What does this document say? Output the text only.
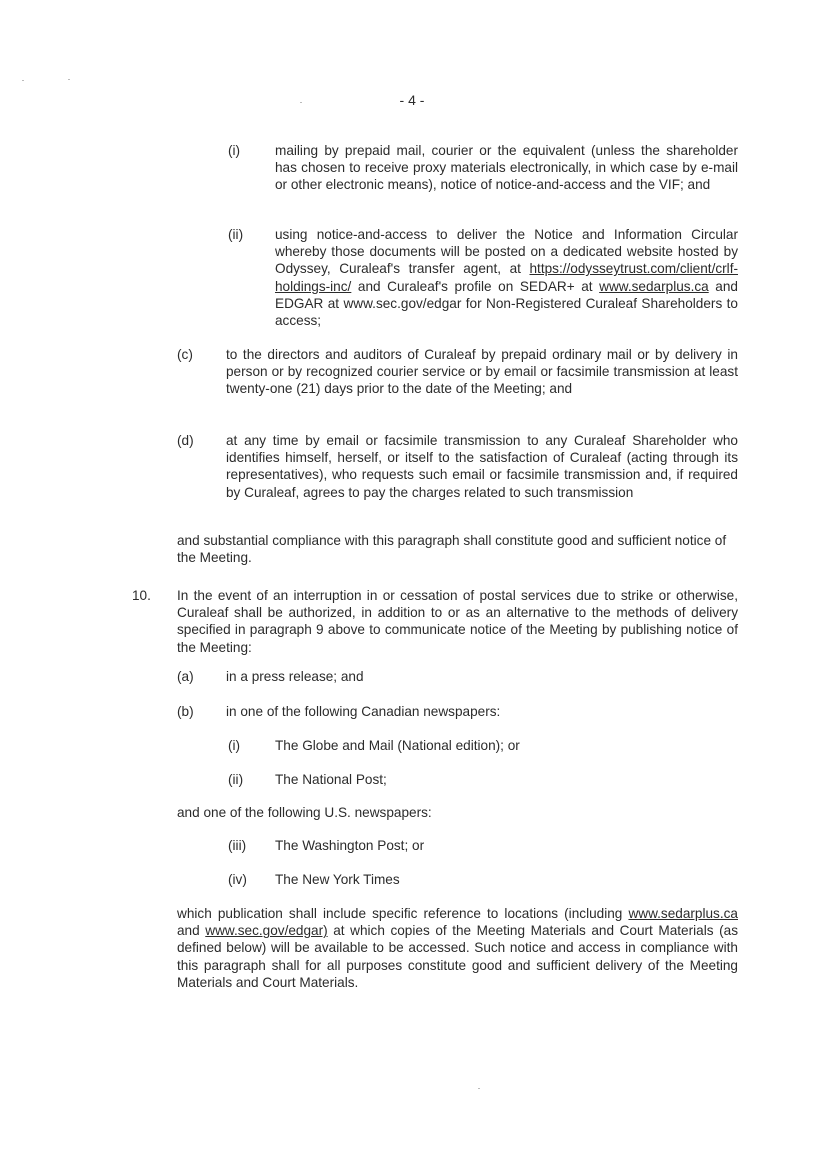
- 4 -
(i)	mailing by prepaid mail, courier or the equivalent (unless the shareholder has chosen to receive proxy materials electronically, in which case by e-mail or other electronic means), notice of notice-and-access and the VIF; and
(ii) using notice-and-access to deliver the Notice and Information Circular whereby those documents will be posted on a dedicated website hosted by Odyssey, Curaleaf's transfer agent, at https://odysseytrust.com/client/crlf-holdings-inc/ and Curaleaf's profile on SEDAR+ at www.sedarplus.ca and EDGAR at www.sec.gov/edgar for Non-Registered Curaleaf Shareholders to access;
(c) to the directors and auditors of Curaleaf by prepaid ordinary mail or by delivery in person or by recognized courier service or by email or facsimile transmission at least twenty-one (21) days prior to the date of the Meeting; and
(d) at any time by email or facsimile transmission to any Curaleaf Shareholder who identifies himself, herself, or itself to the satisfaction of Curaleaf (acting through its representatives), who requests such email or facsimile transmission and, if required by Curaleaf, agrees to pay the charges related to such transmission
and substantial compliance with this paragraph shall constitute good and sufficient notice of the Meeting.
10. In the event of an interruption in or cessation of postal services due to strike or otherwise, Curaleaf shall be authorized, in addition to or as an alternative to the methods of delivery specified in paragraph 9 above to communicate notice of the Meeting by publishing notice of the Meeting:
(a) in a press release; and
(b) in one of the following Canadian newspapers:
(i)	The Globe and Mail (National edition); or
(ii) The National Post;
and one of the following U.S. newspapers:
(iii) The Washington Post; or
(iv) The New York Times
which publication shall include specific reference to locations (including www.sedarplus.ca and www.sec.gov/edgar) at which copies of the Meeting Materials and Court Materials (as defined below) will be available to be accessed. Such notice and access in compliance with this paragraph shall for all purposes constitute good and sufficient delivery of the Meeting Materials and Court Materials.
